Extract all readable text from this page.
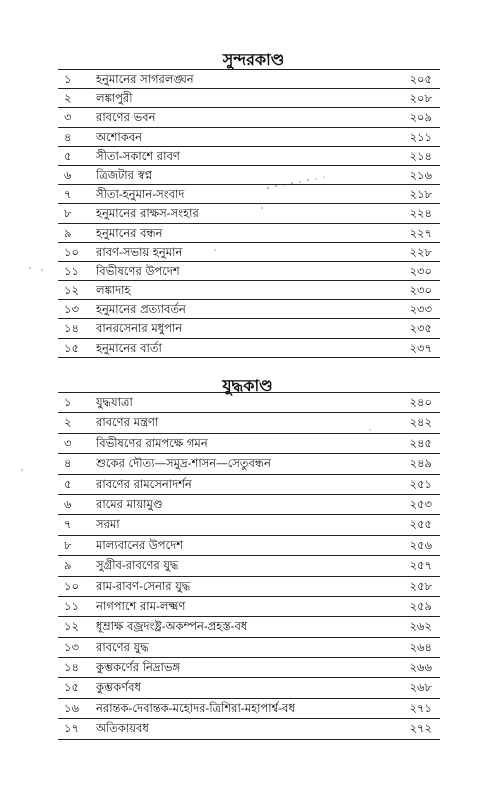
সুন্দরকাণ্ড
১	হনুমানের সাগরলঙ্ঘন	২০৫
২	লঙ্কাপুরী	২০৮
৩	রাবণের ভবন	২০৯
৪	অশোকবন	২১১
৫	সীতা-সকাশে রাবণ	২১৪
৬	ত্রিজটার স্বপ্ন	২১৬
৭	সীতা-হনুমান-সংবাদ	২১৮
৮	হনুমানের রাক্ষস-সংহার	২২৪
৯	হনুমানের বন্ধন	২২৭
১০	রাবণ-সভায় হনুমান	২২৮
১১	বিভীষণের উপদেশ	২৩০
১২	লঙ্কাদাহ	২৩০
১৩	হনুমানের প্রত্যাবর্তন	২৩৩
১৪	বানরসেনার মধুপান	২৩৫
১৫	হনুমানের বার্তা	২৩৭
যুদ্ধকাণ্ড
১	যুদ্ধযাত্রা	২৪০
২	রাবণের মন্ত্রণা	২৪২
৩	বিভীষণের রামপক্ষে গমন	২৪৫
৪	শুকের দৌত্য—সমুদ্র-শাসন—সেতুবন্ধন	২৪৯
৫	রাবণের রামসেনাদর্শন	২৫১
৬	রামের মায়ামুণ্ড	২৫৩
৭	সরমা	২৫৫
৮	মাল্যবানের উপদেশ	২৫৬
৯	সুগ্রীব-রাবণের যুদ্ধ	২৫৭
১০	রাম-রাবণ-সেনার যুদ্ধ	২৫৮
১১	নাগপাশে রাম-লক্ষ্মণ	২৫৯
১২	ধূম্রাক্ষ বজ্রদংষ্ট্র-অকম্পন-প্রহস্ত-বধ	২৬২
১৩	রাবণের যুদ্ধ	২৬৪
১৪	কুম্ভকর্ণের নিদ্রাভঙ্গ	২৬৬
১৫	কুম্ভকর্ণবধ	২৬৮
১৬	নরান্তক-দেবান্তক-মহোদর-ত্রিশিরা-মহাপার্শ্ব-বধ	২৭১
১৭	অতিকায়বধ	২৭২
